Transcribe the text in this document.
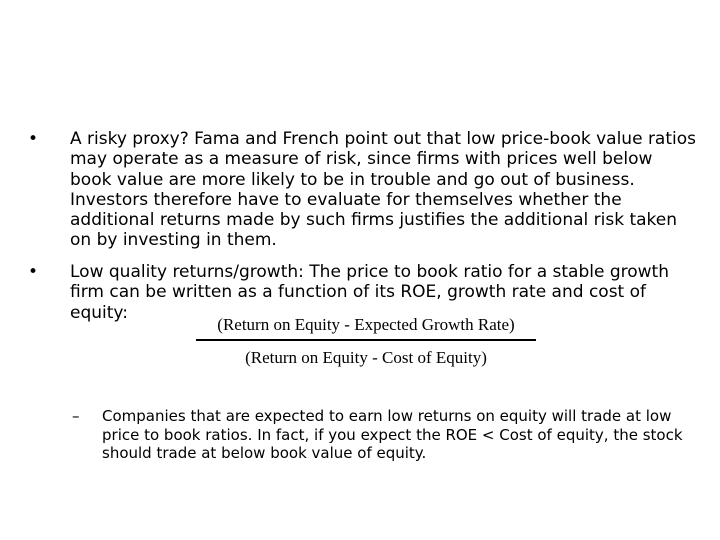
• A risky proxy? Fama and French point out that low price-book value ratios may operate as a measure of risk, since firms with prices well below book value are more likely to be in trouble and go out of business. Investors therefore have to evaluate for themselves whether the additional returns made by such firms justifies the additional risk taken on by investing in them.
• Low quality returns/growth: The price to book ratio for a stable growth firm can be written as a function of its ROE, growth rate and cost of equity:
(Return on Equity - Expected Growth Rate)
(Return on Equity - Cost of Equity)
– Companies that are expected to earn low returns on equity will trade at low price to book ratios. In fact, if you expect the ROE < Cost of equity, the stock should trade at below book value of equity.
